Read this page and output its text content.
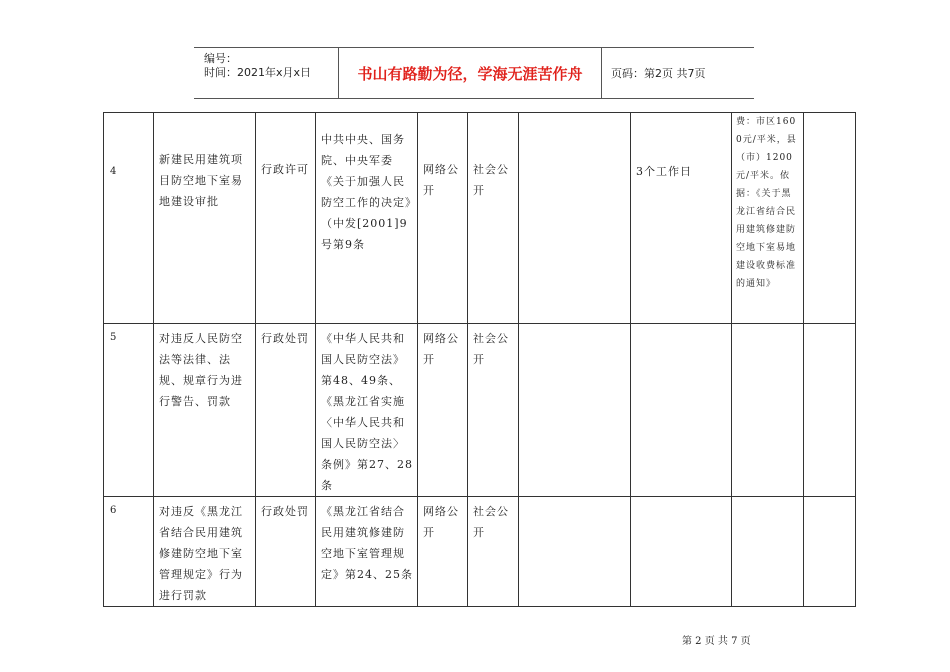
编号：
时间：2021年x月x日	书山有路勤为径，学海无涯苦作舟	页码：第2页 共7页
4	新建民用建筑项目防空地下室易地建设审批	行政许可	中共中央、国务院、中央军委《关于加强人民防空工作的决定》（中发[2001]9号第9条	网络公开	社会公开		3个工作日	费：市区1600元/平米，县（市）1200元/平米。依据：《关于黑龙江省结合民用建筑修建防空地下室易地建设收费标准的通知》	

5	对违反人民防空法等法律、法规、规章行为进行警告、罚款	行政处罚	《中华人民共和国人民防空法》第48、49条、《黑龙江省实施〈中华人民共和国人民防空法〉条例》第27、28条	网络公开	社会公开				

6	对违反《黑龙江省结合民用建筑修建防空地下室管理规定》行为进行罚款	行政处罚	《黑龙江省结合民用建筑修建防空地下室管理规定》第24、25条	网络公开	社会公开				

第 2 页 共 7 页
